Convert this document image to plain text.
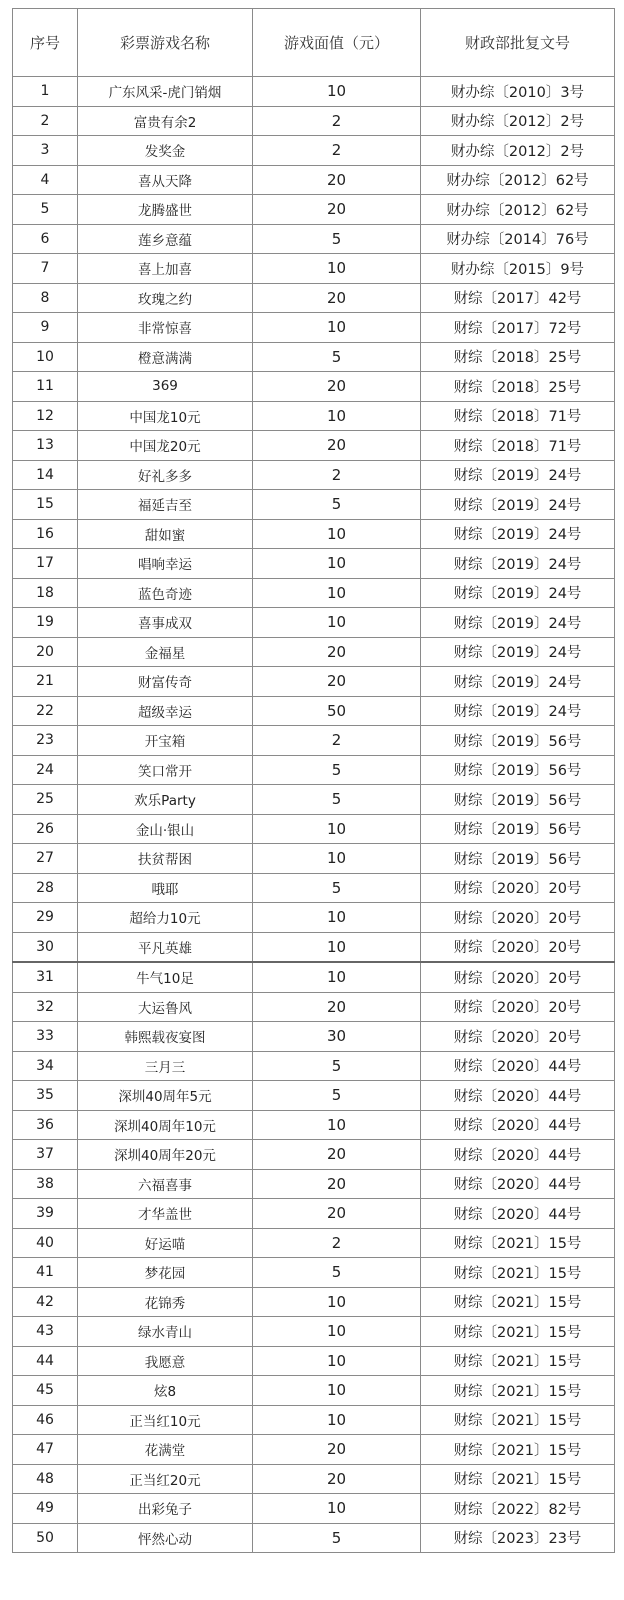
序号	彩票游戏名称	游戏面值（元）	财政部批复文号
1	广东风采-虎门销烟	10	财办综〔2010〕3号
2	富贵有余2	2	财办综〔2012〕2号
3	发奖金	2	财办综〔2012〕2号
4	喜从天降	20	财办综〔2012〕62号
5	龙腾盛世	20	财办综〔2012〕62号
6	莲乡意蕴	5	财办综〔2014〕76号
7	喜上加喜	10	财办综〔2015〕9号
8	玫瑰之约	20	财综〔2017〕42号
9	非常惊喜	10	财综〔2017〕72号
10	橙意满满	5	财综〔2018〕25号
11	369	20	财综〔2018〕25号
12	中国龙10元	10	财综〔2018〕71号
13	中国龙20元	20	财综〔2018〕71号
14	好礼多多	2	财综〔2019〕24号
15	福延吉至	5	财综〔2019〕24号
16	甜如蜜	10	财综〔2019〕24号
17	唱响幸运	10	财综〔2019〕24号
18	蓝色奇迹	10	财综〔2019〕24号
19	喜事成双	10	财综〔2019〕24号
20	金福星	20	财综〔2019〕24号
21	财富传奇	20	财综〔2019〕24号
22	超级幸运	50	财综〔2019〕24号
23	开宝箱	2	财综〔2019〕56号
24	笑口常开	5	财综〔2019〕56号
25	欢乐Party	5	财综〔2019〕56号
26	金山·银山	10	财综〔2019〕56号
27	扶贫帮困	10	财综〔2019〕56号
28	哦耶	5	财综〔2020〕20号
29	超给力10元	10	财综〔2020〕20号
30	平凡英雄	10	财综〔2020〕20号
31	牛气10足	10	财综〔2020〕20号
32	大运鲁风	20	财综〔2020〕20号
33	韩熙载夜宴图	30	财综〔2020〕20号
34	三月三	5	财综〔2020〕44号
35	深圳40周年5元	5	财综〔2020〕44号
36	深圳40周年10元	10	财综〔2020〕44号
37	深圳40周年20元	20	财综〔2020〕44号
38	六福喜事	20	财综〔2020〕44号
39	才华盖世	20	财综〔2020〕44号
40	好运喵	2	财综〔2021〕15号
41	梦花园	5	财综〔2021〕15号
42	花锦秀	10	财综〔2021〕15号
43	绿水青山	10	财综〔2021〕15号
44	我愿意	10	财综〔2021〕15号
45	炫8	10	财综〔2021〕15号
46	正当红10元	10	财综〔2021〕15号
47	花满堂	20	财综〔2021〕15号
48	正当红20元	20	财综〔2021〕15号
49	出彩兔子	10	财综〔2022〕82号
50	怦然心动	5	财综〔2023〕23号
